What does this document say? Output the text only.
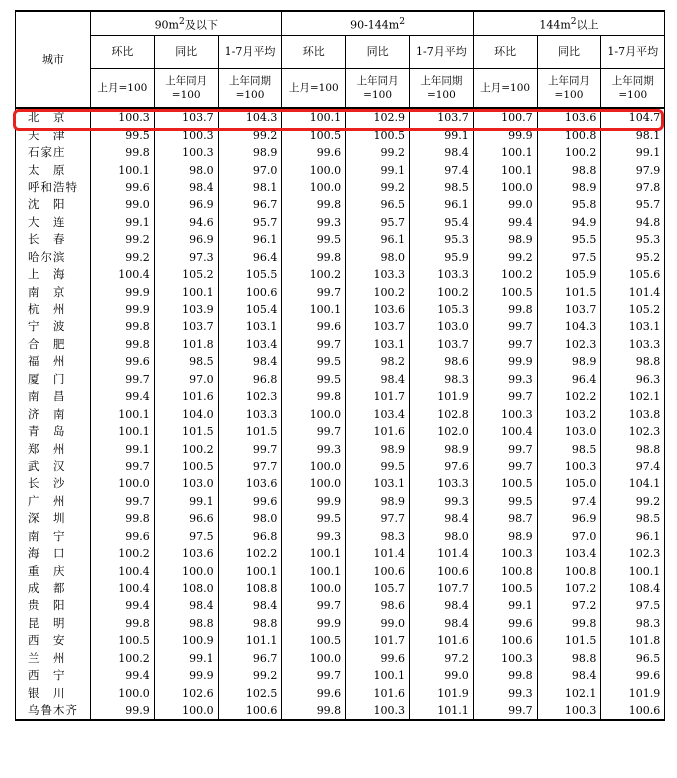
城市	$90m^2$及以下			$90-144m^2$			$144m^2$以上		
	环比	同比	1-7月平均	环比	同比	1-7月平均	环比	同比	1-7月平均
	上月=100	上年同月=100	上年同期=100	上月=100	上年同月=100	上年同期=100	上月=100	上年同月=100	上年同期=100
北　京	100.3	103.7	104.3	100.1	102.9	103.7	100.7	103.6	104.7
天　津	99.5	100.3	99.2	100.5	100.5	99.1	99.9	100.8	98.1
石家庄	99.8	100.3	98.9	99.6	99.2	98.4	100.1	100.2	99.1
太　原	100.1	98.0	97.0	100.0	99.1	97.4	100.1	98.8	97.9
呼和浩特	99.6	98.4	98.1	100.0	99.2	98.5	100.0	98.9	97.8
沈　阳	99.0	96.9	96.7	99.8	96.5	96.1	99.0	95.8	95.7
大　连	99.1	94.6	95.7	99.3	95.7	95.4	99.4	94.9	94.8
长　春	99.2	96.9	96.1	99.5	96.1	95.3	98.9	95.5	95.3
哈尔滨	99.2	97.3	96.4	99.8	98.0	95.9	99.2	97.5	95.2
上　海	100.4	105.2	105.5	100.2	103.3	103.3	100.2	105.9	105.6
南　京	99.9	100.1	100.6	99.7	100.2	100.2	100.5	101.5	101.4
杭　州	99.9	103.9	105.4	100.1	103.6	105.3	99.8	103.7	105.2
宁　波	99.8	103.7	103.1	99.6	103.7	103.0	99.7	104.3	103.1
合　肥	99.8	101.8	103.4	99.7	103.1	103.7	99.7	102.3	103.3
福　州	99.6	98.5	98.4	99.5	98.2	98.6	99.9	98.9	98.8
厦　门	99.7	97.0	96.8	99.5	98.4	98.3	99.3	96.4	96.3
南　昌	99.4	101.6	102.3	99.8	101.7	101.9	99.7	102.2	102.1
济　南	100.1	104.0	103.3	100.0	103.4	102.8	100.3	103.2	103.8
青　岛	100.1	101.5	101.5	99.7	101.6	102.0	100.4	103.0	102.3
郑　州	99.1	100.2	99.7	99.3	98.9	98.9	99.7	98.5	98.8
武　汉	99.7	100.5	97.7	100.0	99.5	97.6	99.7	100.3	97.4
长　沙	100.0	103.0	103.6	100.0	103.1	103.3	100.5	105.0	104.1
广　州	99.7	99.1	99.6	99.9	98.9	99.3	99.5	97.4	99.2
深　圳	99.8	96.6	98.0	99.5	97.7	98.4	98.7	96.9	98.5
南　宁	99.6	97.5	96.8	99.3	98.3	98.0	98.9	97.0	96.1
海　口	100.2	103.6	102.2	100.1	101.4	101.4	100.3	103.4	102.3
重　庆	100.4	100.0	100.1	100.1	100.6	100.6	100.8	100.8	100.1
成　都	100.4	108.0	108.8	100.0	105.7	107.7	100.5	107.2	108.4
贵　阳	99.4	98.4	98.4	99.7	98.6	98.4	99.1	97.2	97.5
昆　明	99.8	98.8	98.8	99.9	99.0	98.4	99.6	99.8	98.3
西　安	100.5	100.9	101.1	100.5	101.7	101.6	100.6	101.5	101.8
兰　州	100.2	99.1	96.7	100.0	99.6	97.2	100.3	98.8	96.5
西　宁	99.4	99.9	99.2	99.7	100.1	99.0	99.8	98.4	99.6
银　川	100.0	102.6	102.5	99.6	101.6	101.9	99.3	102.1	101.9
乌鲁木齐	99.9	100.0	100.6	99.8	100.3	101.1	99.7	100.3	100.6
